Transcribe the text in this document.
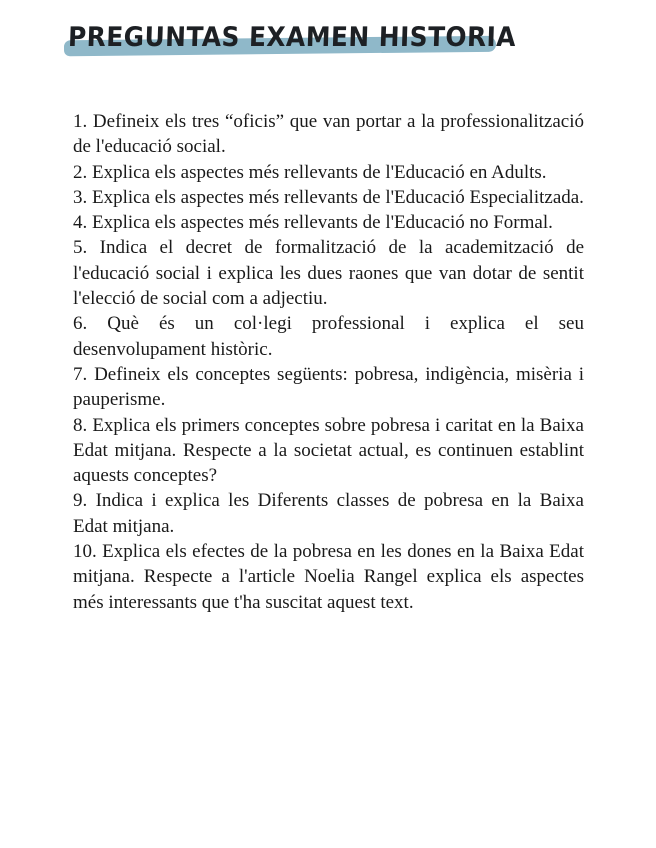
PREGUNTAS EXAMEN HISTORIA
1. Defineix els tres “oficis” que van portar a la professionalització de l'educació social.
2. Explica els aspectes més rellevants de l'Educació en Adults.
3. Explica els aspectes més rellevants de l'Educació Especialitzada.
4. Explica els aspectes més rellevants de l'Educació no Formal.
5. Indica el decret de formalització de la academització de l'educació social i explica les dues raones que van dotar de sentit l'elecció de social com a adjectiu.
6. Què és un col·legi professional i explica el seu desenvolupament històric.
7. Defineix els conceptes següents: pobresa, indigència, misèria i pauperisme.
8. Explica els primers conceptes sobre pobresa i caritat en la Baixa Edat mitjana. Respecte a la societat actual, es continuen establint aquests conceptes?
9. Indica i explica les Diferents classes de pobresa en la Baixa Edat mitjana.
10. Explica els efectes de la pobresa en les dones en la Baixa Edat mitjana. Respecte a l'article Noelia Rangel explica els aspectes més interessants que t'ha suscitat aquest text.
